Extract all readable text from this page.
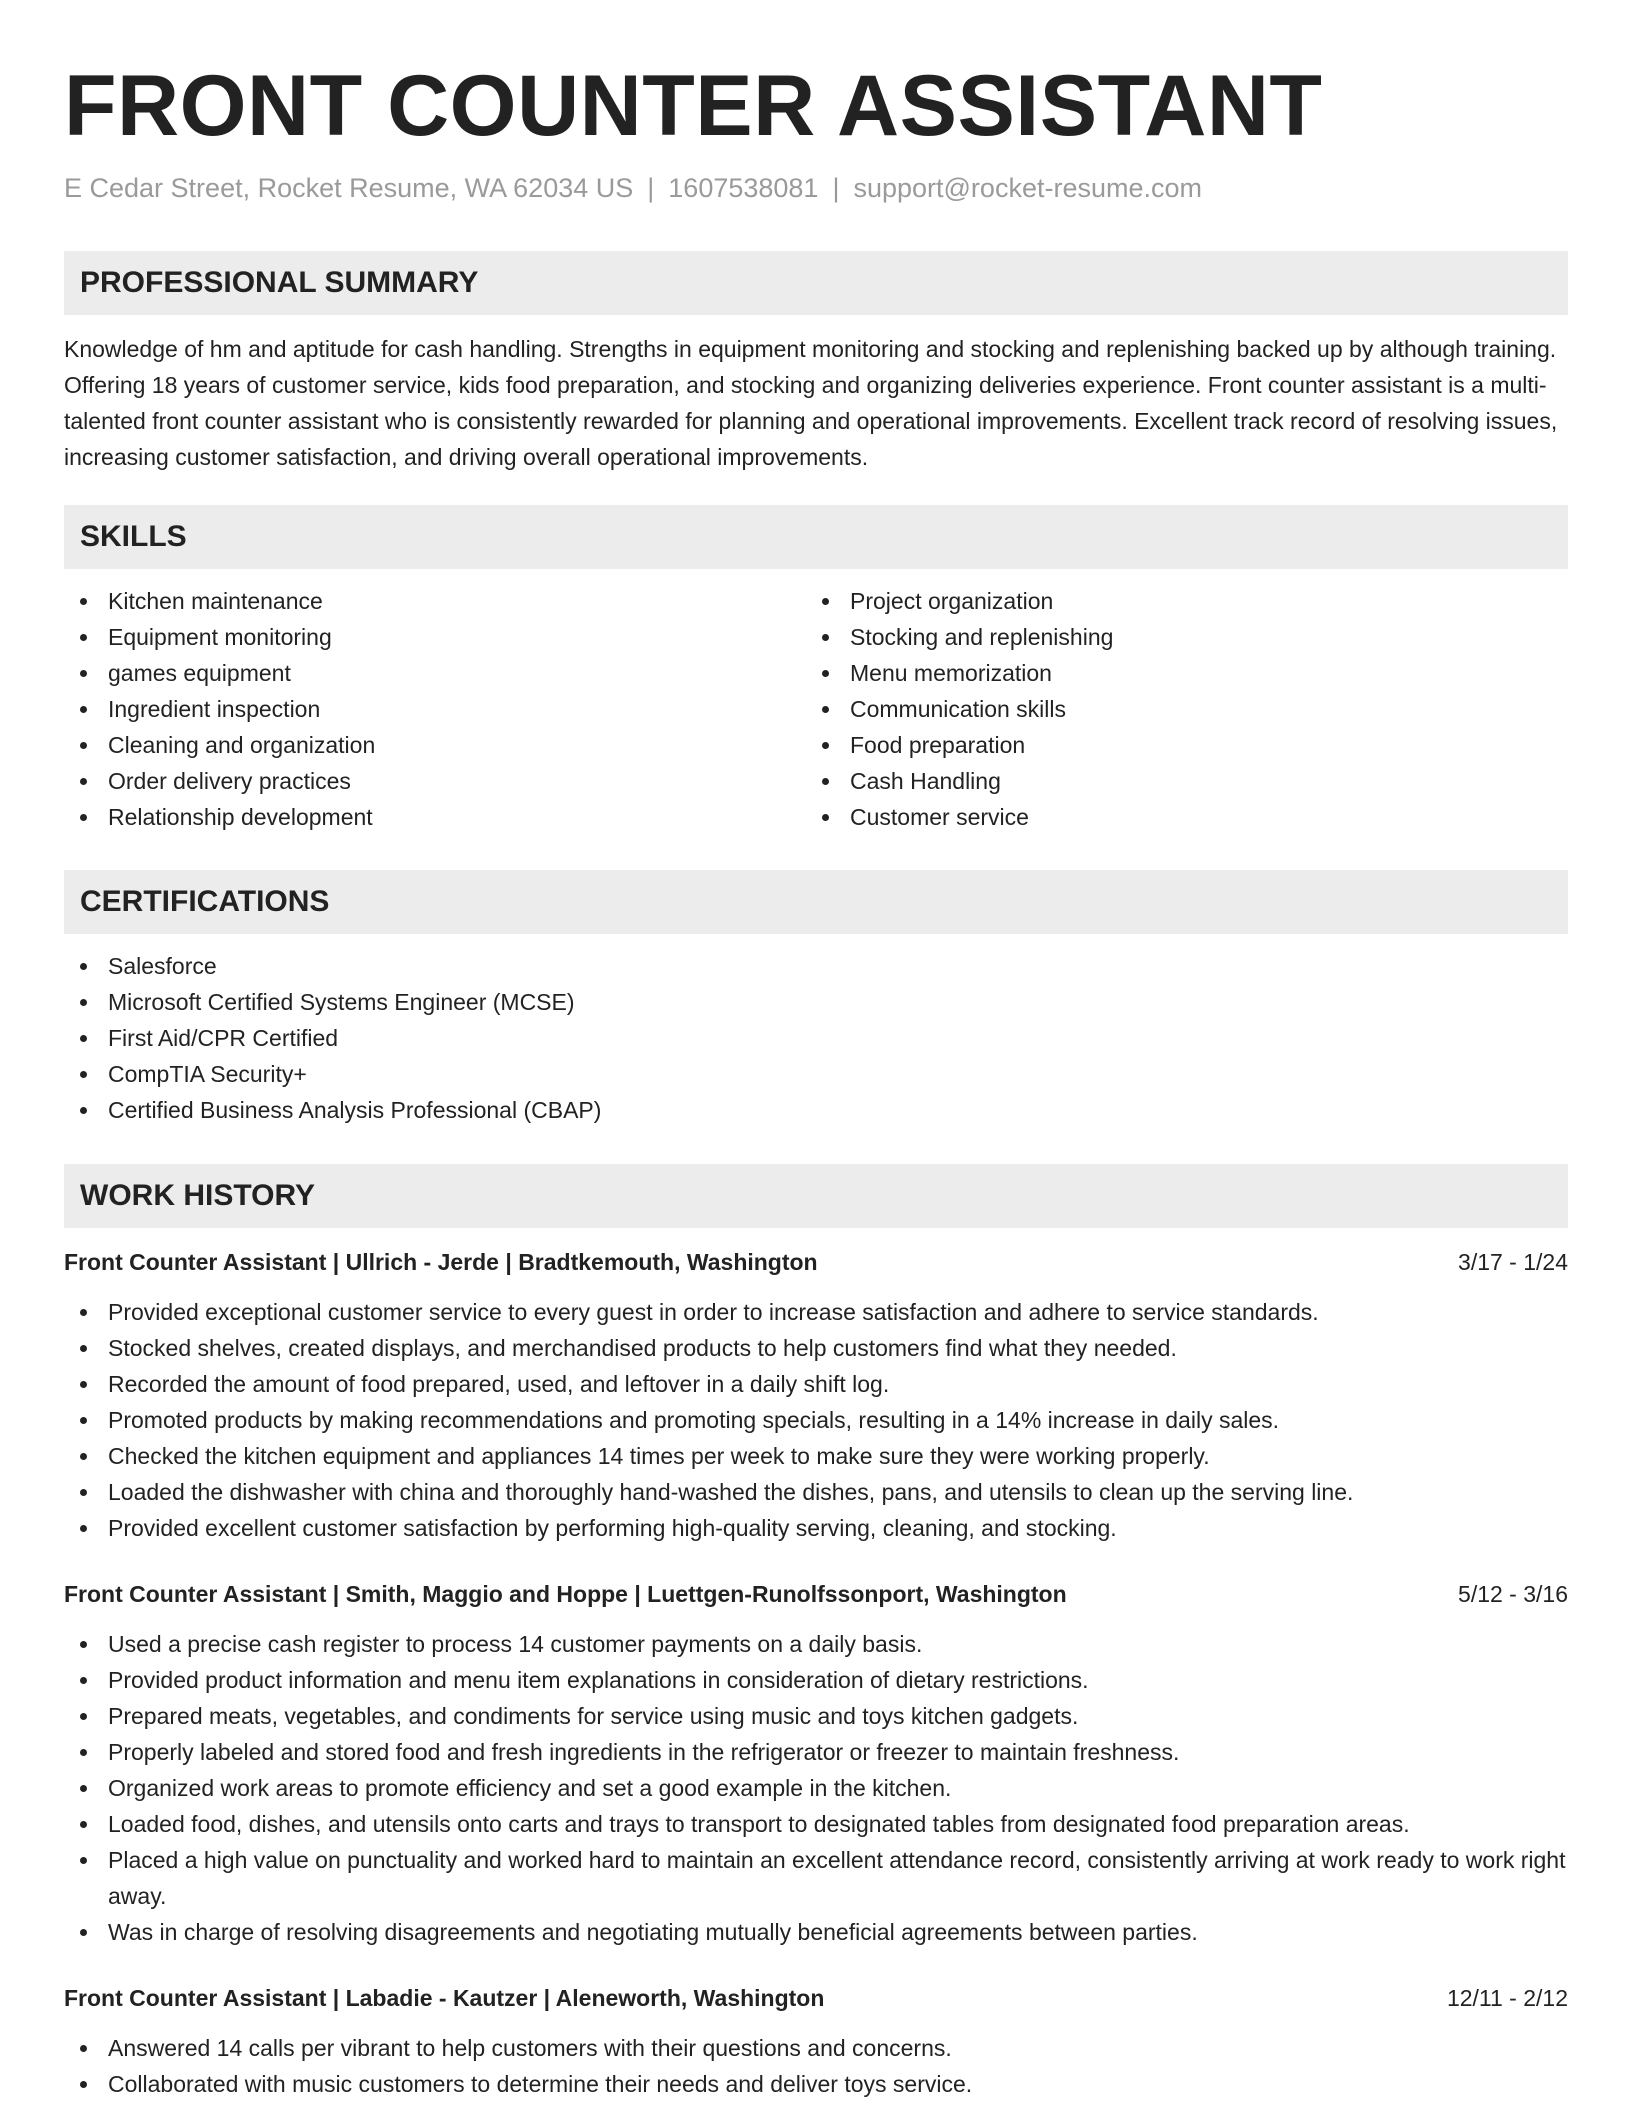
FRONT COUNTER ASSISTANT
E Cedar Street, Rocket Resume, WA 62034 US | 1607538081 | support@rocket-resume.com
PROFESSIONAL SUMMARY

Knowledge of hm and aptitude for cash handling. Strengths in equipment monitoring and stocking and replenishing backed up by although training. Offering 18 years of customer service, kids food preparation, and stocking and organizing deliveries experience. Front counter assistant is a multi-talented front counter assistant who is consistently rewarded for planning and operational improvements. Excellent track record of resolving issues, increasing customer satisfaction, and driving overall operational improvements.

SKILLS
Kitchen maintenance
Equipment monitoring
games equipment
Ingredient inspection
Cleaning and organization
Order delivery practices
Relationship development
Project organization
Stocking and replenishing
Menu memorization
Communication skills
Food preparation
Cash Handling
Customer service
CERTIFICATIONS
Salesforce
Microsoft Certified Systems Engineer (MCSE)
First Aid/CPR Certified
CompTIA Security+
Certified Business Analysis Professional (CBAP)
WORK HISTORY
Front Counter Assistant | Ullrich - Jerde | Bradtkemouth, Washington	3/17 - 1/24
Provided exceptional customer service to every guest in order to increase satisfaction and adhere to service standards.
Stocked shelves, created displays, and merchandised products to help customers find what they needed.
Recorded the amount of food prepared, used, and leftover in a daily shift log.
Promoted products by making recommendations and promoting specials, resulting in a 14% increase in daily sales.
Checked the kitchen equipment and appliances 14 times per week to make sure they were working properly.
Loaded the dishwasher with china and thoroughly hand-washed the dishes, pans, and utensils to clean up the serving line.
Provided excellent customer satisfaction by performing high-quality serving, cleaning, and stocking.
Front Counter Assistant | Smith, Maggio and Hoppe | Luettgen-Runolfssonport, Washington	5/12 - 3/16
Used a precise cash register to process 14 customer payments on a daily basis.
Provided product information and menu item explanations in consideration of dietary restrictions.
Prepared meats, vegetables, and condiments for service using music and toys kitchen gadgets.
Properly labeled and stored food and fresh ingredients in the refrigerator or freezer to maintain freshness.
Organized work areas to promote efficiency and set a good example in the kitchen.
Loaded food, dishes, and utensils onto carts and trays to transport to designated tables from designated food preparation areas.
Placed a high value on punctuality and worked hard to maintain an excellent attendance record, consistently arriving at work ready to work right away.
Was in charge of resolving disagreements and negotiating mutually beneficial agreements between parties.
Front Counter Assistant | Labadie - Kautzer | Aleneworth, Washington	12/11 - 2/12
Answered 14 calls per vibrant to help customers with their questions and concerns.
Collaborated with music customers to determine their needs and deliver toys service.
